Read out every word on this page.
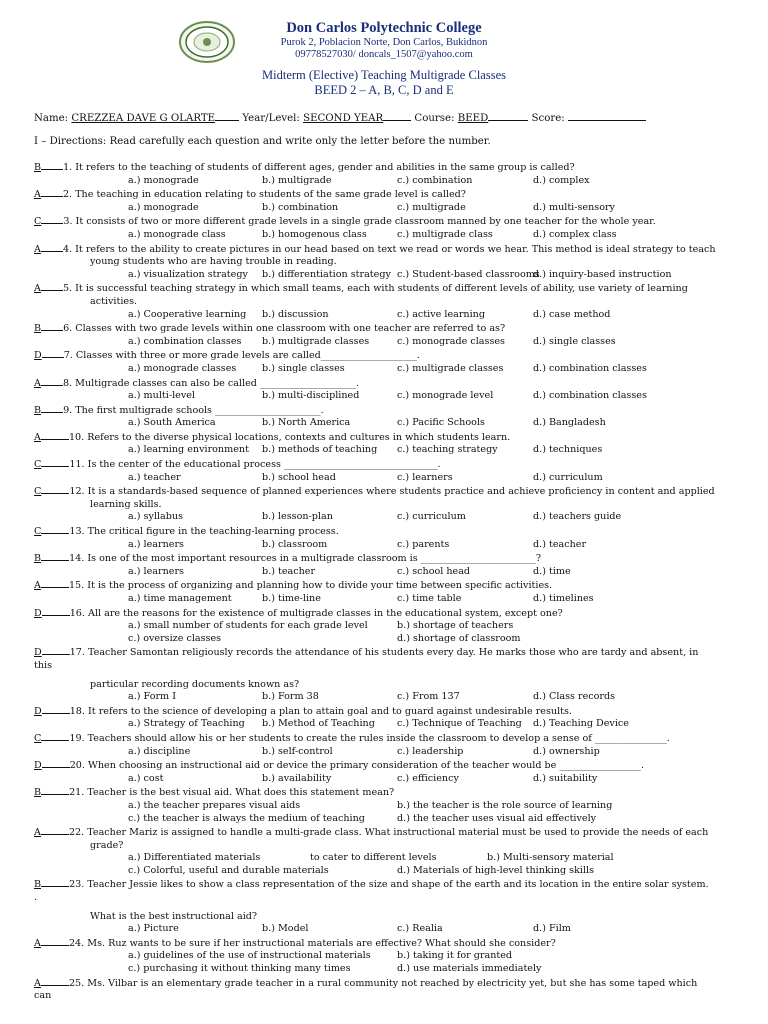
Don Carlos Polytechnic College
Purok 2, Poblacion Norte, Don Carlos, Bukidnon
09778527030/ doncals_1507@yahoo.com
Midterm (Elective) Teaching Multigrade Classes
BEED 2 – A, B, C, D and E
Name: CREZZEA DAVE G OLARTE	Year/Level: SECOND YEAR	Course: BEED	Score:
I – Directions: Read carefully each question and write only the letter before the number.
B 1. It refers to the teaching of students of different ages, gender and abilities in the same group is called?
a.) monograde	b.) multigrade	c.) combination	d.) complex
A 2. The teaching in education relating to students of the same grade level is called?
a.) monograde	b.) combination	c.) multigrade	d.) multi-sensory
C 3. It consists of two or more different grade levels in a single grade classroom manned by one teacher for the whole year.
a.) monograde class	b.) homogenous class	c.) multigrade class	d.) complex class
A 4. It refers to the ability to create pictures in our head based on text we read or words we hear. This method is ideal strategy to teach
young students who are having trouble in reading.
a.) visualization strategy b.) differentiation strategy c.) Student-based classrooms
d.) inquiry-based instruction
A 5. It is successful teaching strategy in which small teams, each with students of different levels of ability, use variety of learning
activities.
a.) Cooperative learning b.) discussion	c.) active learning	d.) case method
B 6. Classes with two grade levels within one classroom with one teacher are referred to as?
a.) combination classes b.) multigrade classes	c.) monograde classes	d.) single classes
D 7. Classes with three or more grade levels are called____________________.
a.) monograde classes	b.) single classes	c.) multigrade classes	d.) combination classes
A 8. Multigrade classes can also be called ____________________.
a.) multi-level	b.) multi-disciplined	c.) monograde level	d.) combination classes
B 9. The first multigrade schools ______________________.
a.) South America	b.) North America	c.) Pacific Schools	d.) Bangladesh
A	10. Refers to the diverse physical locations, contexts and cultures in which students learn.
a.) learning environment b.) methods of teaching c.) teaching strategy	d.) techniques
C	11. Is the center of the educational process ________________________________.
a.) teacher	b.) school head	c.) learners	d.) curriculum
C	12. It is a standards-based sequence of planned experiences where students practice and achieve proficiency in content and applied
learning skills.
a.) syllabus	b.) lesson-plan	c.) curriculum	d.) teachers guide
C	13. The critical figure in the teaching-learning process.
a.) learners	b.) classroom	c.) parents	d.) teacher
B	14. Is one of the most important resources in a multigrade classroom is ________________________?
a.) learners	b.) teacher	c.) school head	d.) time
A	15. It is the process of organizing and planning how to divide your time between specific activities.
a.) time management	b.) time-line	c.) time table	d.) timelines
D	16. All are the reasons for the existence of multigrade classes in the educational system, except one?
a.) small number of students for each grade level	b.) shortage of teachers
c.) oversize classes	d.) shortage of classroom
D	17. Teacher Samontan religiously records the attendance of his students every day. He marks those who are tardy and absent, in
this
particular recording documents known as?
a.) Form I	b.) Form 38	c.) From 137	d.) Class records
D	18. It refers to the science of developing a plan to attain goal and to guard against undesirable results.
a.) Strategy of Teaching b.) Method of Teaching c.) Technique of Teaching d.) Teaching Device
C	19. Teachers should allow his or her students to create the rules inside the classroom to develop a sense of _______________.
a.) discipline	b.) self-control	c.) leadership	d.) ownership
D	20. When choosing an instructional aid or device the primary consideration of the teacher would be _________________.
a.) cost	b.) availability	c.) efficiency	d.) suitability
B	21. Teacher is the best visual aid. What does this statement mean?
a.) the teacher prepares visual aids	b.) the teacher is the role source of learning
c.) the teacher is always the medium of teaching	d.) the teacher uses visual aid effectively
A	22. Teacher Mariz is assigned to handle a multi-grade class. What instructional material must be used to provide the needs of each
grade?
a.) Differentiated materials	to cater to different levels	b.) Multi-sensory material
c.) Colorful, useful and durable materials	d.) Materials of high-level thinking skills
B	23. Teacher Jessie likes to show a class representation of the size and shape of the earth and its location in the entire solar system.
.
What is the best instructional aid?
a.) Picture	b.) Model	c.) Realia	d.) Film
A	24. Ms. Ruz wants to be sure if her instructional materials are effective? What should she consider?
a.) guidelines of the use of instructional materials	b.) taking it for granted
c.) purchasing it without thinking many times	d.) use materials immediately
A	25. Ms. Vilbar is an elementary grade teacher in a rural community not reached by electricity yet, but she has some taped which
can
